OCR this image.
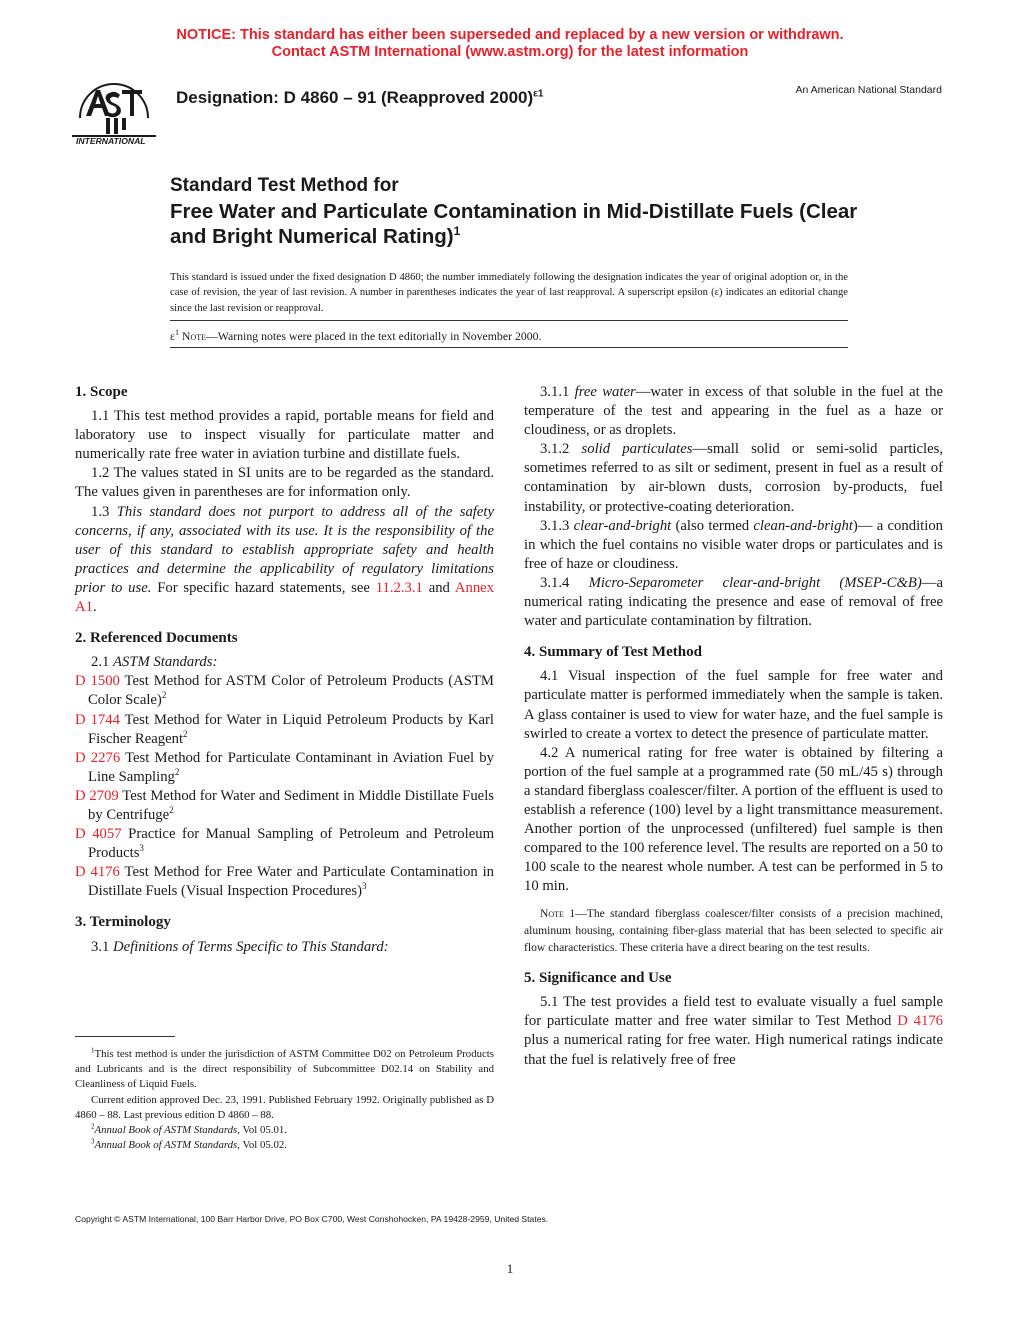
NOTICE: This standard has either been superseded and replaced by a new version or withdrawn.
Contact ASTM International (www.astm.org) for the latest information
INTERNATIONAL
Designation: D 4860 – 91 (Reapproved 2000)$^{\varepsilon 1}$	An American National Standard
Standard Test Method for
Free Water and Particulate Contamination in Mid-Distillate Fuels (Clear and Bright Numerical Rating)$^1$
This standard is issued under the fixed designation D 4860; the number immediately following the designation indicates the year of original adoption or, in the case of revision, the year of last revision. A number in parentheses indicates the year of last reapproval. A superscript epsilon (ε) indicates an editorial change since the last revision or reapproval.
$\varepsilon^1$ Note—Warning notes were placed in the text editorially in November 2000.
1. Scope

1.1 This test method provides a rapid, portable means for field and laboratory use to inspect visually for particulate matter and numerically rate free water in aviation turbine and distillate fuels.

1.2 The values stated in SI units are to be regarded as the standard. The values given in parentheses are for information only.

1.3 This standard does not purport to address all of the safety concerns, if any, associated with its use. It is the responsibility of the user of this standard to establish appropriate safety and health practices and determine the applicability of regulatory limitations prior to use. For specific hazard statements, see 11.2.3.1 and Annex A1.

2. Referenced Documents

2.1 ASTM Standards:

D 1500 Test Method for ASTM Color of Petroleum Products (ASTM Color Scale)$^2$

D 1744 Test Method for Water in Liquid Petroleum Products by Karl Fischer Reagent$^2$

D 2276 Test Method for Particulate Contaminant in Aviation Fuel by Line Sampling$^2$

D 2709 Test Method for Water and Sediment in Middle Distillate Fuels by Centrifuge$^2$

D 4057 Practice for Manual Sampling of Petroleum and Petroleum Products$^3$

D 4176 Test Method for Free Water and Particulate Contamination in Distillate Fuels (Visual Inspection Procedures)$^3$

3. Terminology

3.1 Definitions of Terms Specific to This Standard:

$^1$This test method is under the jurisdiction of ASTM Committee D02 on Petroleum Products and Lubricants and is the direct responsibility of Subcommittee D02.14 on Stability and Cleanliness of Liquid Fuels.

Current edition approved Dec. 23, 1991. Published February 1992. Originally published as D 4860 – 88. Last previous edition D 4860 – 88.

$^2$Annual Book of ASTM Standards, Vol 05.01.

$^3$Annual Book of ASTM Standards, Vol 05.02.

3.1.1 free water—water in excess of that soluble in the fuel at the temperature of the test and appearing in the fuel as a haze or cloudiness, or as droplets.

3.1.2 solid particulates—small solid or semi-solid particles, sometimes referred to as silt or sediment, present in fuel as a result of contamination by air-blown dusts, corrosion by-products, fuel instability, or protective-coating deterioration.

3.1.3 clear-and-bright (also termed clean-and-bright)— a condition in which the fuel contains no visible water drops or particulates and is free of haze or cloudiness.

3.1.4 Micro-Separometer clear-and-bright (MSEP-C&B)—a numerical rating indicating the presence and ease of removal of free water and particulate contamination by filtration.

4. Summary of Test Method

4.1 Visual inspection of the fuel sample for free water and particulate matter is performed immediately when the sample is taken. A glass container is used to view for water haze, and the fuel sample is swirled to create a vortex to detect the presence of particulate matter.

4.2 A numerical rating for free water is obtained by filtering a portion of the fuel sample at a programmed rate (50 mL/45 s) through a standard fiberglass coalescer/filter. A portion of the effluent is used to establish a reference (100) level by a light transmittance measurement. Another portion of the unprocessed (unfiltered) fuel sample is then compared to the 100 reference level. The results are reported on a 50 to 100 scale to the nearest whole number. A test can be performed in 5 to 10 min.

Note 1—The standard fiberglass coalescer/filter consists of a precision machined, aluminum housing, containing fiber-glass material that has been selected to specific air flow characteristics. These criteria have a direct bearing on the test results.

5. Significance and Use

5.1 The test provides a field test to evaluate visually a fuel sample for particulate matter and free water similar to Test Method D 4176 plus a numerical rating for free water. High numerical ratings indicate that the fuel is relatively free of free

Copyright © ASTM International, 100 Barr Harbor Drive, PO Box C700, West Conshohocken, PA 19428-2959, United States.
1
